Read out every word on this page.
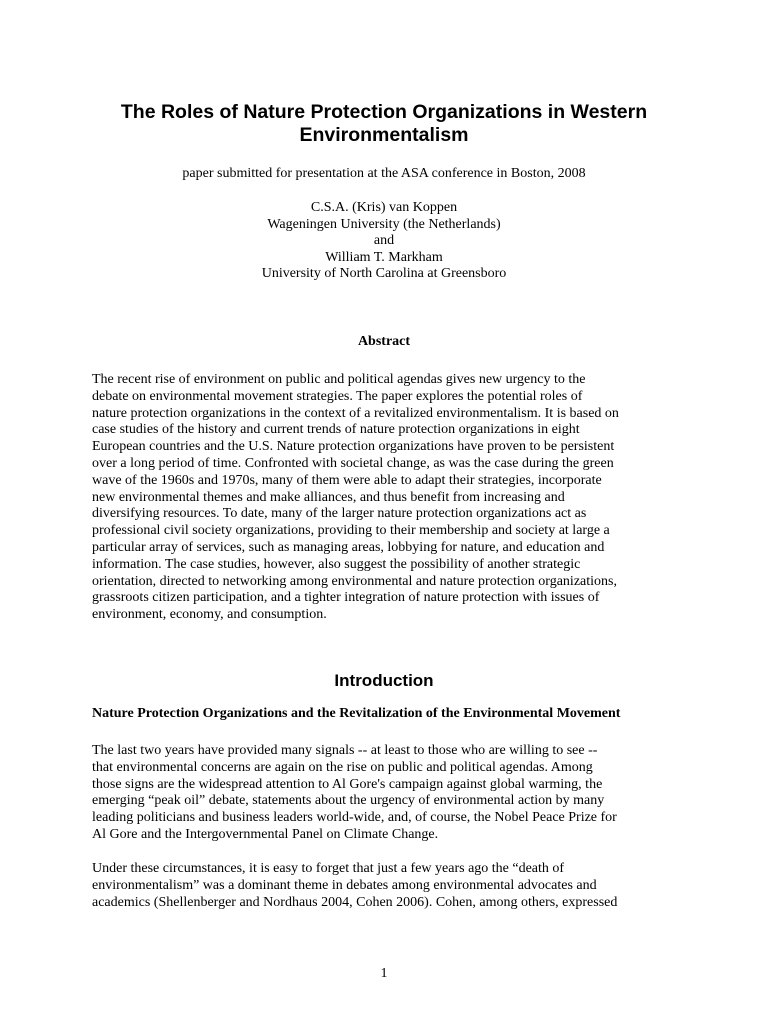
The Roles of Nature Protection Organizations in Western Environmentalism

paper submitted for presentation at the ASA conference in Boston, 2008

C.S.A. (Kris) van Koppen
Wageningen University (the Netherlands)
and
William T. Markham
University of North Carolina at Greensboro
Abstract
The recent rise of environment on public and political agendas gives new urgency to the
debate on environmental movement strategies. The paper explores the potential roles of
nature protection organizations in the context of a revitalized environmentalism. It is based on
case studies of the history and current trends of nature protection organizations in eight
European countries and the U.S. Nature protection organizations have proven to be persistent
over a long period of time. Confronted with societal change, as was the case during the green
wave of the 1960s and 1970s, many of them were able to adapt their strategies, incorporate
new environmental themes and make alliances, and thus benefit from increasing and
diversifying resources. To date, many of the larger nature protection organizations act as
professional civil society organizations, providing to their membership and society at large a
particular array of services, such as managing areas, lobbying for nature, and education and
information. The case studies, however, also suggest the possibility of another strategic
orientation, directed to networking among environmental and nature protection organizations,
grassroots citizen participation, and a tighter integration of nature protection with issues of
environment, economy, and consumption.
Introduction
Nature Protection Organizations and the Revitalization of the Environmental Movement
The last two years have provided many signals -- at least to those who are willing to see --
that environmental concerns are again on the rise on public and political agendas. Among
those signs are the widespread attention to Al Gore's campaign against global warming, the
emerging “peak oil” debate, statements about the urgency of environmental action by many
leading politicians and business leaders world-wide, and, of course, the Nobel Peace Prize for
Al Gore and the Intergovernmental Panel on Climate Change.
Under these circumstances, it is easy to forget that just a few years ago the “death of
environmentalism” was a dominant theme in debates among environmental advocates and
academics (Shellenberger and Nordhaus 2004, Cohen 2006). Cohen, among others, expressed
1
